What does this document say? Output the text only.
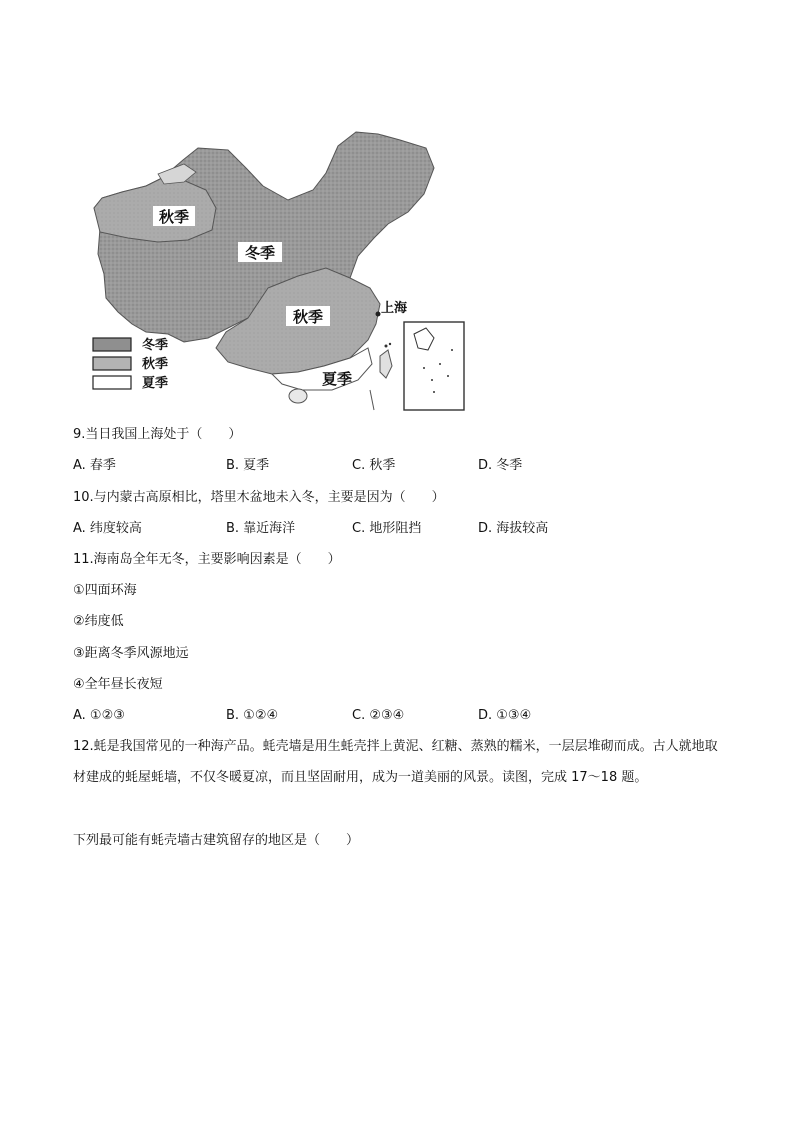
秋季
冬季
秋季
夏季
上海
冬季
秋季
夏季
9.当日我国上海处于（　　）
A. 春季	B. 夏季	C. 秋季	D. 冬季
10.与内蒙古高原相比，塔里木盆地未入冬，主要是因为（　　）
A. 纬度较高	B. 靠近海洋	C. 地形阻挡	D. 海拔较高
11.海南岛全年无冬，主要影响因素是（　　）
①四面环海
②纬度低
③距离冬季风源地远
④全年昼长夜短
A. ①②③	B. ①②④	C. ②③④	D. ①③④
12.蚝是我国常见的一种海产品。蚝壳墙是用生蚝壳拌上黄泥、红糖、蒸熟的糯米，一层层堆砌而成。古人就地取材建成的蚝屋蚝墙，不仅冬暖夏凉，而且坚固耐用，成为一道美丽的风景。读图，完成 17～18 题。
下列最可能有蚝壳墙古建筑留存的地区是（　　）
